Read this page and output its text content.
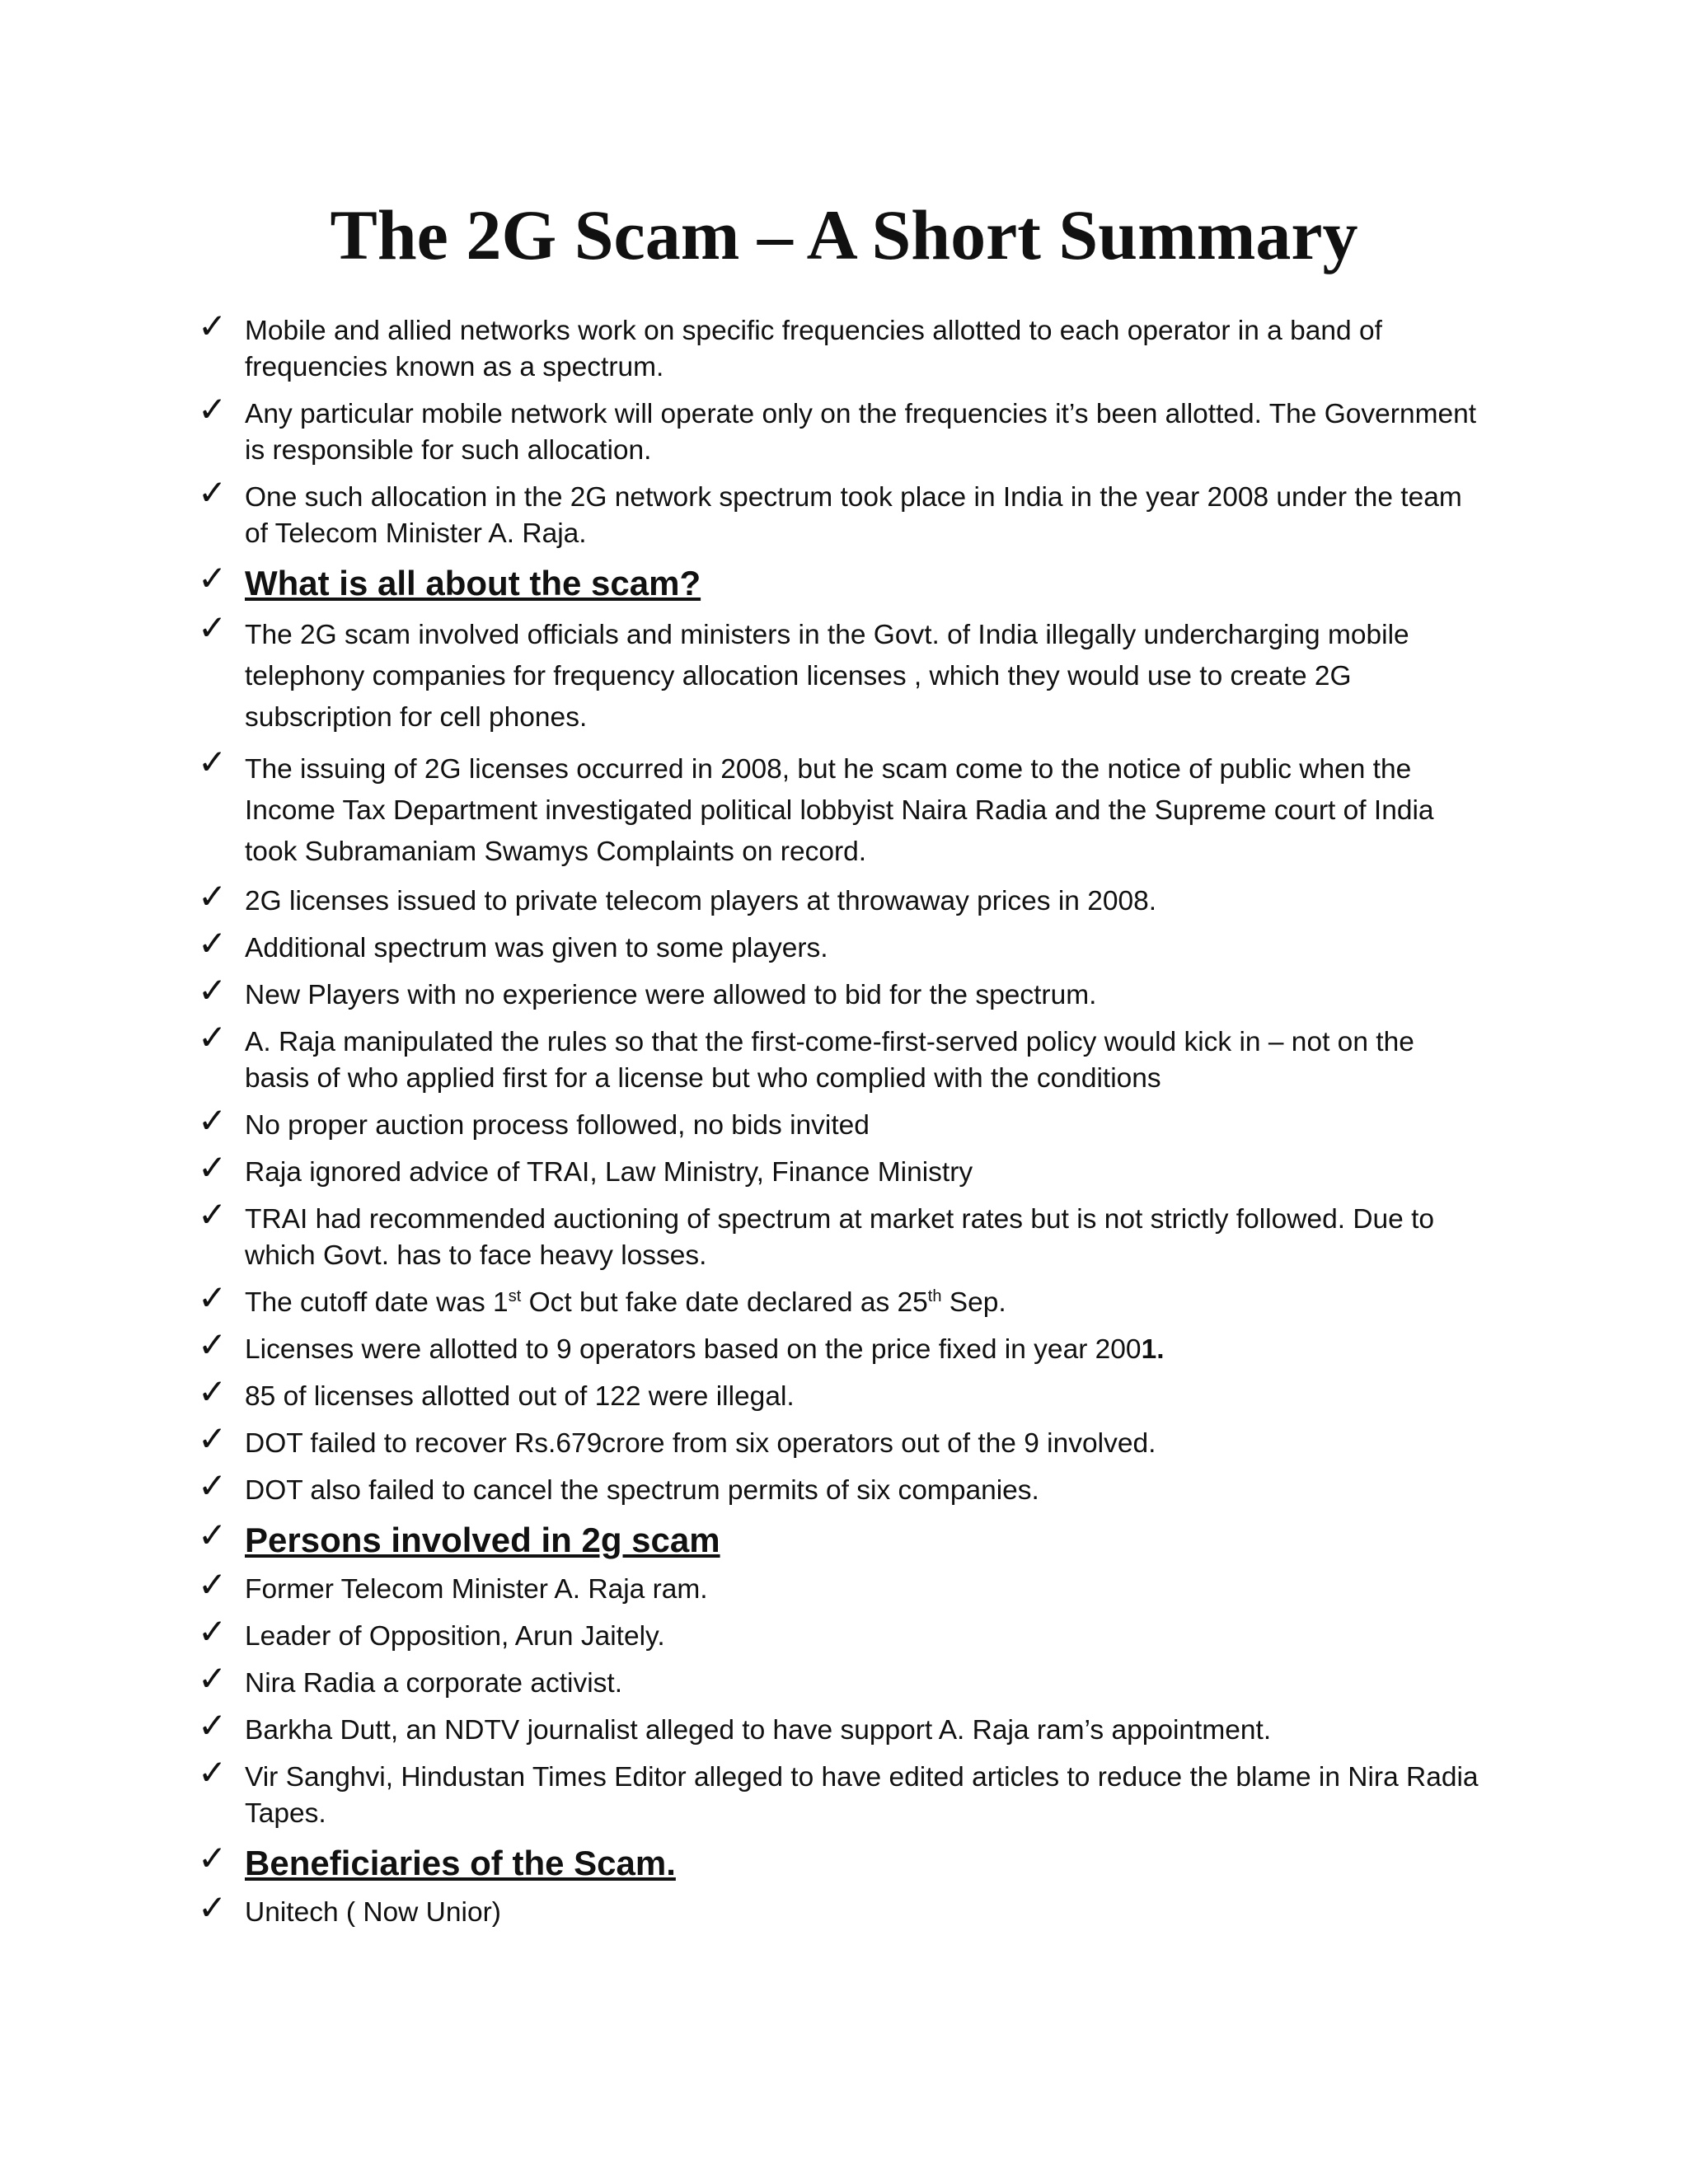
The 2G Scam – A Short Summary
✓ Mobile and allied networks work on specific frequencies allotted to each operator in a band of frequencies known as a spectrum.
✓ Any particular mobile network will operate only on the frequencies it’s been allotted. The Government is responsible for such allocation.
✓ One such allocation in the 2G network spectrum took place in India in the year 2008 under the team of Telecom Minister A. Raja.
✓ What is all about the scam?
✓ The 2G scam involved officials and ministers in the Govt. of India illegally undercharging mobile telephony companies for frequency allocation licenses , which they would use to create 2G subscription for cell phones.
✓ The issuing of 2G licenses occurred in 2008, but he scam come to the notice of public when the Income Tax Department investigated political lobbyist Naira Radia and the Supreme court of India took Subramaniam Swamys Complaints on record.
✓ 2G licenses issued to private telecom players at throwaway prices in 2008.
✓ Additional spectrum was given to some players.
✓ New Players with no experience were allowed to bid for the spectrum.
✓ A. Raja manipulated the rules so that the first-come-first-served policy would kick in – not on the basis of who applied first for a license but who complied with the conditions
✓ No proper auction process followed, no bids invited
✓ Raja ignored advice of TRAI, Law Ministry, Finance Ministry
✓ TRAI had recommended auctioning of spectrum at market rates but is not strictly followed. Due to which Govt. has to face heavy losses.
✓ The cutoff date was 1st Oct but fake date declared as 25th Sep.
✓ Licenses were allotted to 9 operators based on the price fixed in year 2001.
✓ 85 of licenses allotted out of 122 were illegal.
✓ DOT failed to recover Rs.679crore from six operators out of the 9 involved.
✓ DOT also failed to cancel the spectrum permits of six companies.
✓ Persons involved in 2g scam
✓ Former Telecom Minister A. Raja ram.
✓ Leader of Opposition, Arun Jaitely.
✓ Nira Radia a corporate activist.
✓ Barkha Dutt, an NDTV journalist alleged to have support A. Raja ram’s appointment.
✓ Vir Sanghvi, Hindustan Times Editor alleged to have edited articles to reduce the blame in Nira Radia Tapes.
✓ Beneficiaries of the Scam.
✓ Unitech ( Now Unior)
